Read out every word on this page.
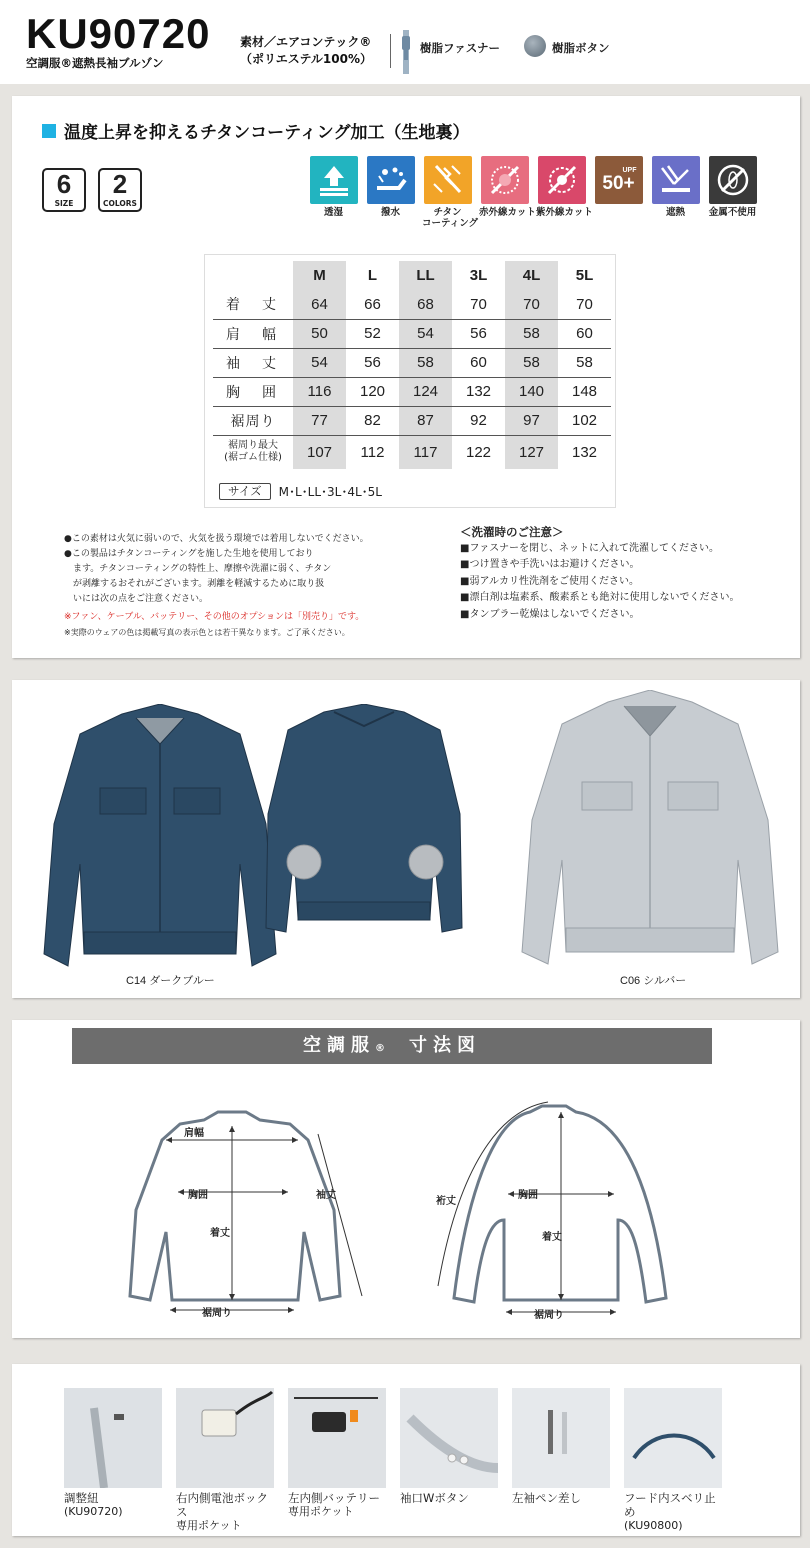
KU90720
空調服®遮熱長袖ブルゾン
素材／エアコンテック®
（ポリエステル100%）
樹脂ファスナー	樹脂ボタン
温度上昇を抑えるチタンコーティング加工（生地裏）
6
SIZE
2
COLORS
透湿	撥水	チタン
コーティング
赤外線カット 紫外線カット
UPF
50+
遮熱	金属不使用
	M	L	LL	3L	4L	5L
着　丈	64	66	68	70	70	70
肩　幅	50	52	54	56	58	60
袖　丈	54	56	58	60	58	58
胸　囲	116	120	124	132	140	148
裾周り	77	82	87	92	97	102

裾周り最大
(裾ゴム仕様)	107	112	117	122	127	132
サイズ	M･L･LL･3L･4L･5L
●この素材は火気に弱いので、火気を扱う環境では着用しないでください。
●この製品はチタンコーティングを施した生地を使用しており
　ます。チタンコーティングの特性上、摩擦や洗濯に弱く、チタン
　が剥離するおそれがございます。剥離を軽減するために取り扱
　いには次の点をご注意ください。
※ファン、ケーブル、バッテリー、その他のオプションは「別売り」です。
※実際のウェアの色は掲載写真の表示色とは若干異なります。ご了承ください。
＜洗濯時のご注意＞
■ファスナーを閉じ、ネットに入れて洗濯してください。
■つけ置きや手洗いはお避けください。
■弱アルカリ性洗剤をご使用ください。
■漂白剤は塩素系、酸素系とも絶対に使用しないでください。
■タンブラー乾燥はしないでください。
C14 ダークブルー	C06 シルバー
空調服®　 寸法図
肩幅
胸囲	袖丈
着丈
裾周り
裄丈
胸囲
着丈
裾周り
調整紐
(KU90720)
右内側電池ボックス
専用ポケット
左内側バッテリー
専用ポケット
袖口Wボタン	左袖ペン差し	フード内スベリ止め
(KU90800)
